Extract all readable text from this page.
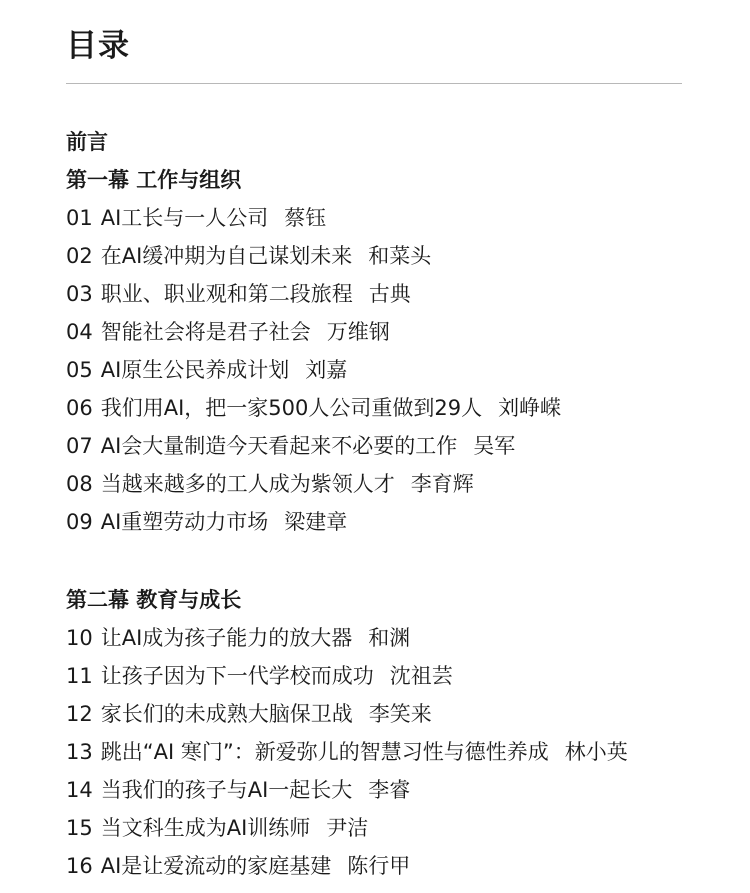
目录
前言
第一幕 工作与组织
01 AI工长与一人公司 蔡钰
02 在AI缓冲期为自己谋划未来 和菜头
03 职业、职业观和第二段旅程 古典
04 智能社会将是君子社会 万维钢
05 AI原生公民养成计划 刘嘉
06 我们用AI，把一家500人公司重做到29人 刘峥嵘
07 AI会大量制造今天看起来不必要的工作 吴军
08 当越来越多的工人成为紫领人才 李育辉
09 AI重塑劳动力市场 梁建章
第二幕 教育与成长
10 让AI成为孩子能力的放大器 和渊
11 让孩子因为下一代学校而成功 沈祖芸
12 家长们的未成熟大脑保卫战 李笑来
13 跳出“AI 寒门”：新爱弥儿的智慧习性与德性养成 林小英
14 当我们的孩子与AI一起长大 李睿
15 当文科生成为AI训练师 尹洁
16 AI是让爱流动的家庭基建 陈行甲
